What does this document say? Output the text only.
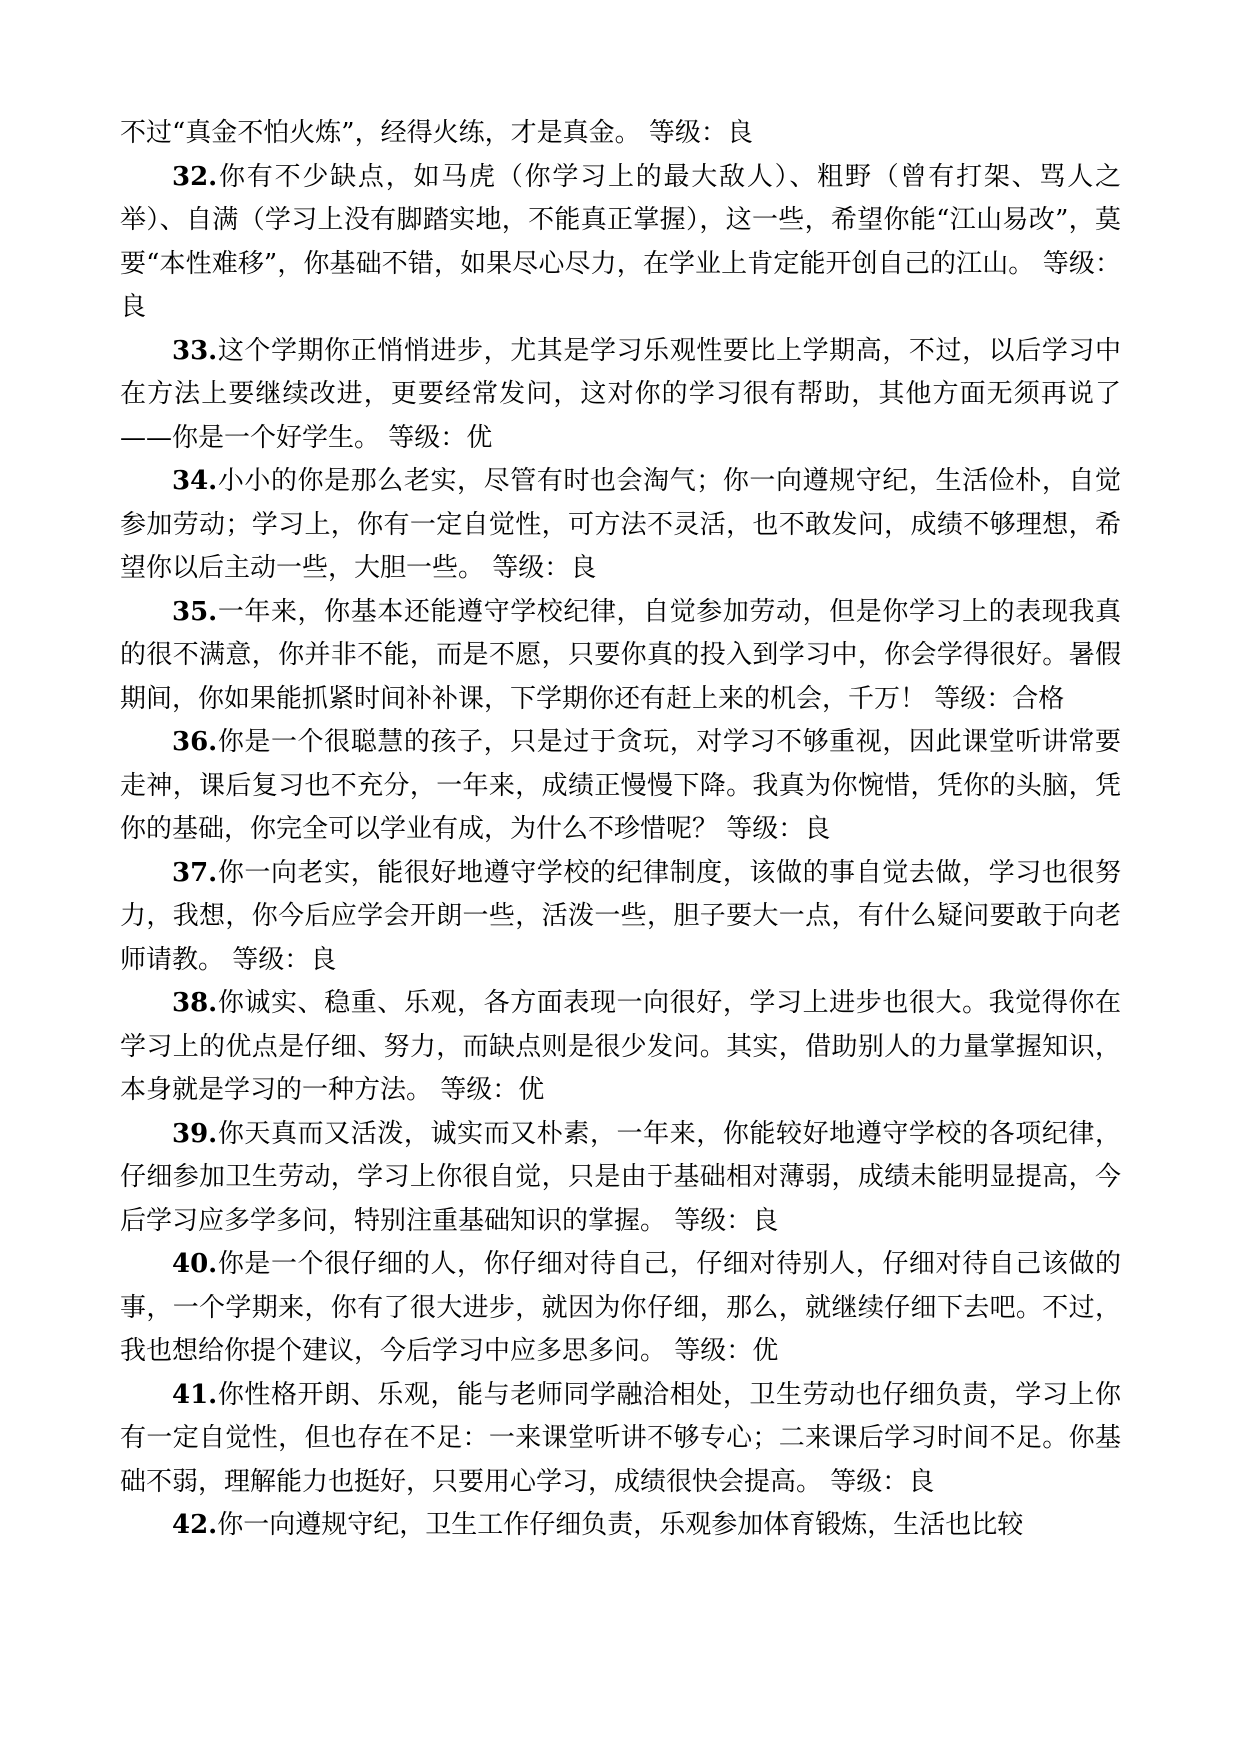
不过“真金不怕火炼”，经得火练，才是真金。 等级：良

32.你有不少缺点，如马虎（你学习上的最大敌人）、粗野（曾有打架、骂人之举）、自满（学习上没有脚踏实地，不能真正掌握），这一些，希望你能“江山易改”，莫要“本性难移”，你基础不错，如果尽心尽力，在学业上肯定能开创自己的江山。 等级：良

33.这个学期你正悄悄进步，尤其是学习乐观性要比上学期高，不过，以后学习中在方法上要继续改进，更要经常发问，这对你的学习很有帮助，其他方面无须再说了——你是一个好学生。 等级：优

34.小小的你是那么老实，尽管有时也会淘气；你一向遵规守纪，生活俭朴，自觉参加劳动；学习上，你有一定自觉性，可方法不灵活，也不敢发问，成绩不够理想，希望你以后主动一些，大胆一些。 等级：良

35.一年来，你基本还能遵守学校纪律，自觉参加劳动，但是你学习上的表现我真的很不满意，你并非不能，而是不愿，只要你真的投入到学习中，你会学得很好。暑假期间，你如果能抓紧时间补补课，下学期你还有赶上来的机会，千万！ 等级：合格

36.你是一个很聪慧的孩子，只是过于贪玩，对学习不够重视，因此课堂听讲常要走神，课后复习也不充分，一年来，成绩正慢慢下降。我真为你惋惜，凭你的头脑，凭你的基础，你完全可以学业有成，为什么不珍惜呢？ 等级：良

37.你一向老实，能很好地遵守学校的纪律制度，该做的事自觉去做，学习也很努力，我想，你今后应学会开朗一些，活泼一些，胆子要大一点，有什么疑问要敢于向老师请教。 等级：良

38.你诚实、稳重、乐观，各方面表现一向很好，学习上进步也很大。我觉得你在学习上的优点是仔细、努力，而缺点则是很少发问。其实，借助别人的力量掌握知识，本身就是学习的一种方法。 等级：优

39.你天真而又活泼，诚实而又朴素，一年来，你能较好地遵守学校的各项纪律，仔细参加卫生劳动，学习上你很自觉，只是由于基础相对薄弱，成绩未能明显提高，今后学习应多学多问，特别注重基础知识的掌握。 等级：良

40.你是一个很仔细的人，你仔细对待自己，仔细对待别人，仔细对待自己该做的事，一个学期来，你有了很大进步，就因为你仔细，那么，就继续仔细下去吧。不过，我也想给你提个建议，今后学习中应多思多问。 等级：优

41.你性格开朗、乐观，能与老师同学融洽相处，卫生劳动也仔细负责，学习上你有一定自觉性，但也存在不足：一来课堂听讲不够专心；二来课后学习时间不足。你基础不弱，理解能力也挺好，只要用心学习，成绩很快会提高。 等级：良

42.你一向遵规守纪，卫生工作仔细负责，乐观参加体育锻炼，生活也比较
